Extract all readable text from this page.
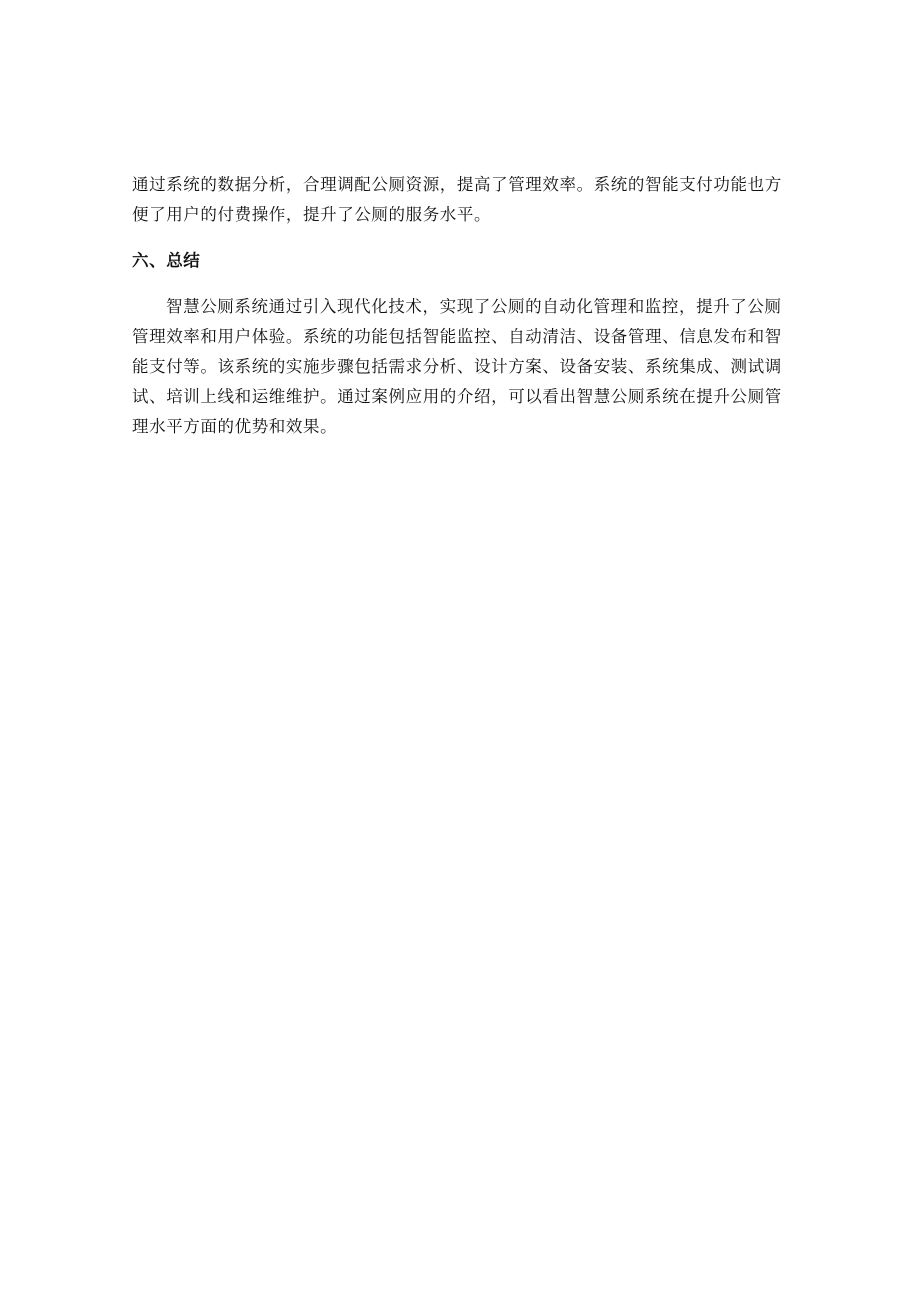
通过系统的数据分析，合理调配公厕资源，提高了管理效率。系统的智能支付功能也方
便了用户的付费操作，提升了公厕的服务水平。
六、总结
智慧公厕系统通过引入现代化技术，实现了公厕的自动化管理和监控，提升了公厕
管理效率和用户体验。系统的功能包括智能监控、自动清洁、设备管理、信息发布和智
能支付等。该系统的实施步骤包括需求分析、设计方案、设备安装、系统集成、测试调
试、培训上线和运维维护。通过案例应用的介绍，可以看出智慧公厕系统在提升公厕管
理水平方面的优势和效果。
